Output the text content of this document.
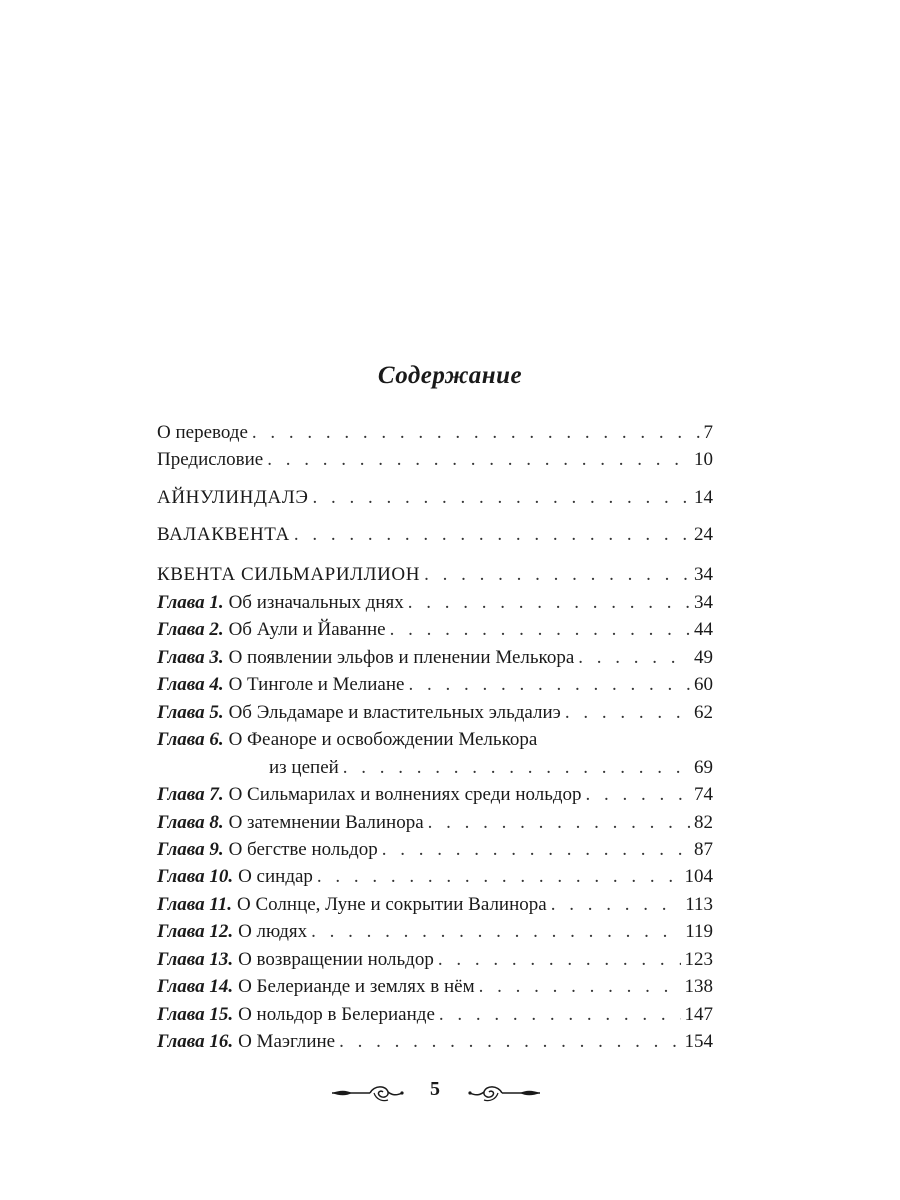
Содержание
О переводе . . .	7
Предисловие . . .	10
АЙНУЛИНДАЛЭ . . .	14
ВАЛАКВЕНТА . . .	24
КВЕНТА СИЛЬМАРИЛЛИОН . . .	34
Глава 1. Об изначальных днях . . .	34
Глава 2. Об Аули и Йаванне . . .	44
Глава 3. О появлении эльфов и пленении Мелькора . . .	49
Глава 4. О Тинголе и Мелиане . . .	60
Глава 5. Об Эльдамаре и властительных эльдалиэ . . .	62
Глава 6. О Феаноре и освобождении Мелькора
из цепей . . .	69
Глава 7. О Сильмарилах и волнениях среди нольдор . . .	74
Глава 8. О затемнении Валинора . . .	82
Глава 9. О бегстве нольдор . . .	87
Глава 10. О синдар . . .	104
Глава 11. О Солнце, Луне и сокрытии Валинора . . .	113
Глава 12. О людях . . .	119
Глава 13. О возвращении нольдор . . .	123
Глава 14. О Белерианде и землях в нём . . .	138
Глава 15. О нольдор в Белерианде . . .	147
Глава 16. О Маэглине . . .	154
5
